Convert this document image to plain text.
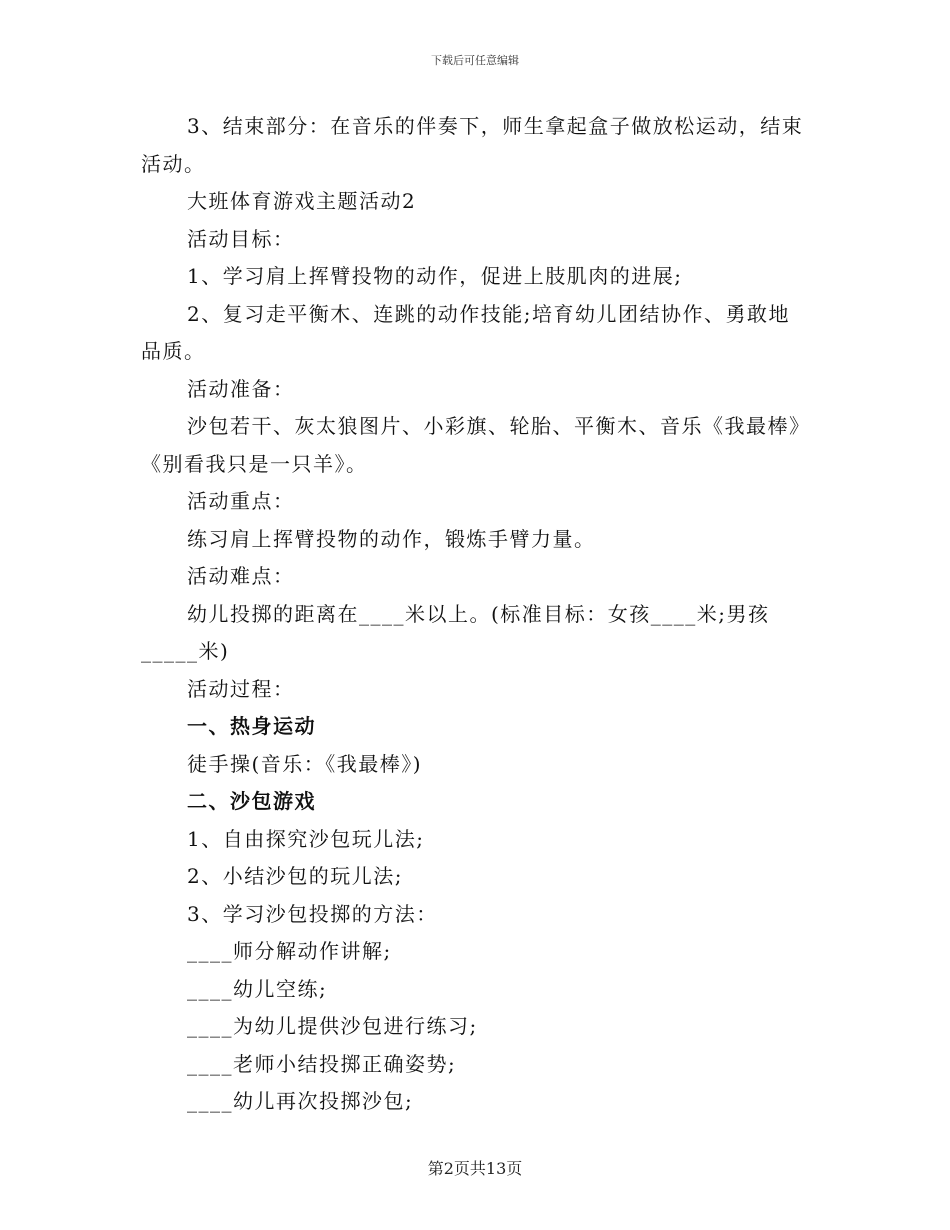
下载后可任意编辑

3、结束部分：在音乐的伴奏下，师生拿起盒子做放松运动，结束活动。

大班体育游戏主题活动2

活动目标：

1、学习肩上挥臂投物的动作，促进上肢肌肉的进展;

2、复习走平衡木、连跳的动作技能;培育幼儿团结协作、勇敢地品质。

活动准备：

沙包若干、灰太狼图片、小彩旗、轮胎、平衡木、音乐《我最棒》《别看我只是一只羊》。

活动重点：

练习肩上挥臂投物的动作，锻炼手臂力量。

活动难点：

幼儿投掷的距离在____米以上。(标准目标：女孩____米;男孩_____米)

活动过程：

一、热身运动

徒手操(音乐：《我最棒》)

二、沙包游戏

1、自由探究沙包玩儿法;

2、小结沙包的玩儿法;

3、学习沙包投掷的方法：

____师分解动作讲解;

____幼儿空练;

____为幼儿提供沙包进行练习;

____老师小结投掷正确姿势;

____幼儿再次投掷沙包;

第2页共13页
